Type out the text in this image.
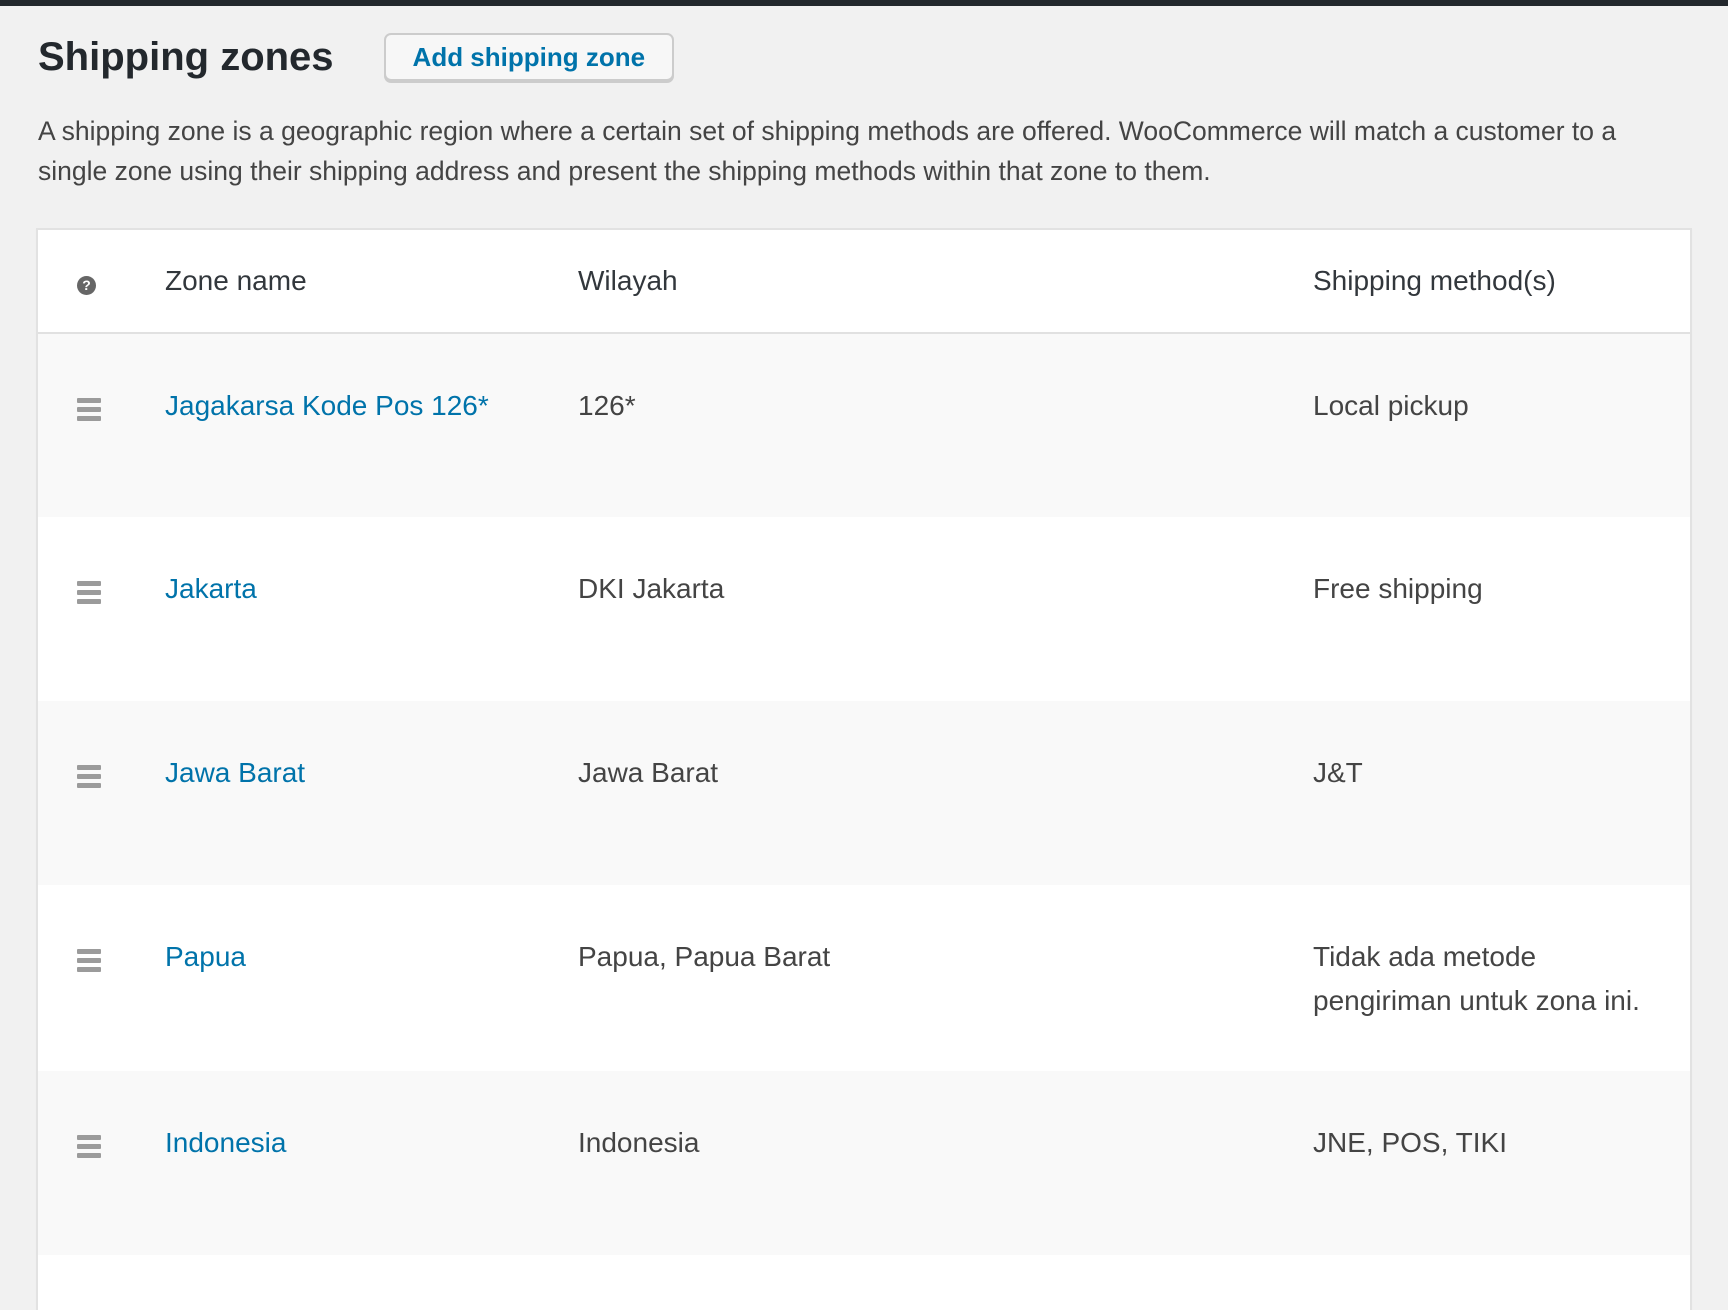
Shipping zones	Add shipping zone

A shipping zone is a geographic region where a certain set of shipping methods are offered. WooCommerce will match a customer to a single zone using their shipping address and present the shipping methods within that zone to them.

?	Zone name	Wilayah	Shipping method(s)

	Jagakarsa Kode Pos 126*	126*	Local pickup

	Jakarta	DKI Jakarta	Free shipping

	Jawa Barat	Jawa Barat	J&T

	Papua	Papua, Papua Barat	Tidak ada metode pengiriman untuk zona ini.

	Indonesia	Indonesia	JNE, POS, TIKI
